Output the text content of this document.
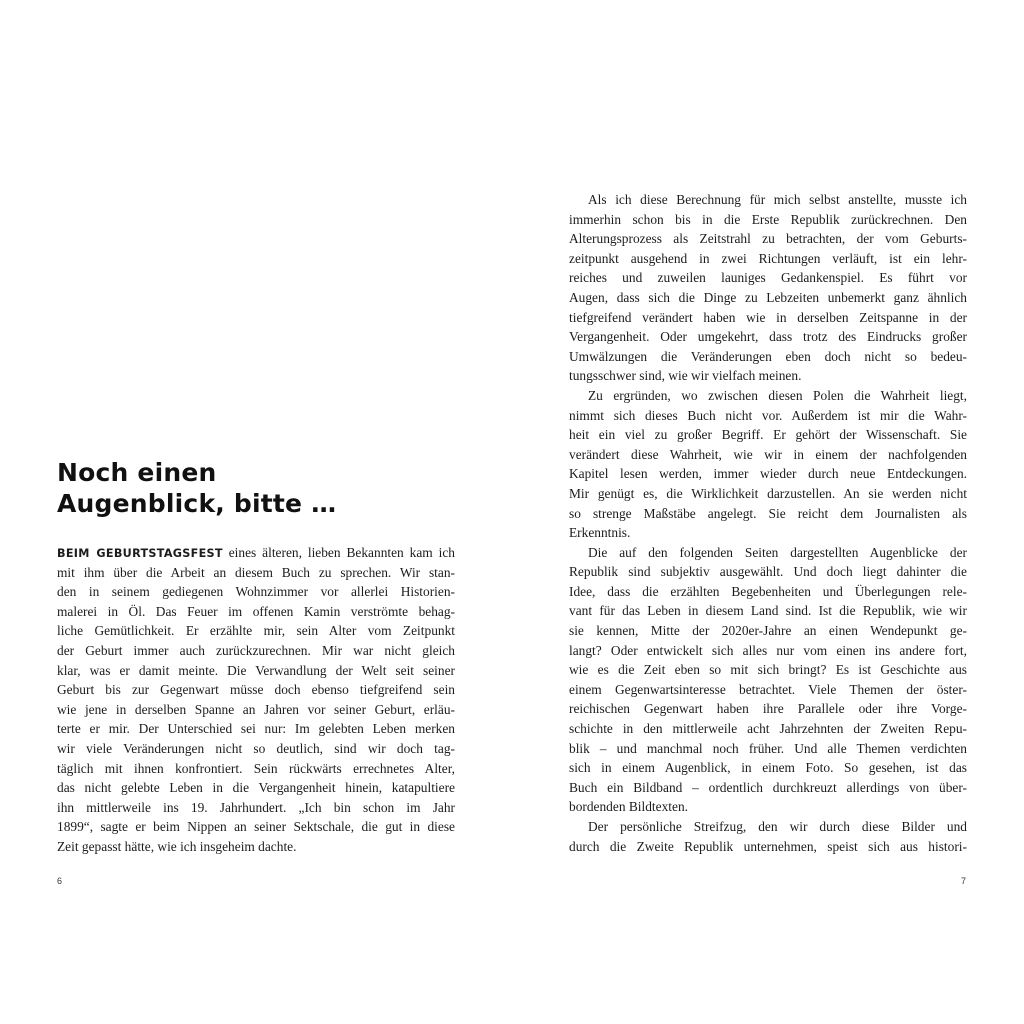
Noch einen
Augenblick, bitte …
BEIM GEBURTSTAGSFEST eines älteren, lieben Bekannten kam ich
mit ihm über die Arbeit an diesem Buch zu sprechen. Wir stan-
den in seinem gediegenen Wohnzimmer vor allerlei Historien-
malerei in Öl. Das Feuer im offenen Kamin verströmte behag-
liche Gemütlichkeit. Er erzählte mir, sein Alter vom Zeitpunkt
der Geburt immer auch zurückzurechnen. Mir war nicht gleich
klar, was er damit meinte. Die Verwandlung der Welt seit seiner
Geburt bis zur Gegenwart müsse doch ebenso tiefgreifend sein
wie jene in derselben Spanne an Jahren vor seiner Geburt, erläu-
terte er mir. Der Unterschied sei nur: Im gelebten Leben merken
wir viele Veränderungen nicht so deutlich, sind wir doch tag-
täglich mit ihnen konfrontiert. Sein rückwärts errechnetes Alter,
das nicht gelebte Leben in die Vergangenheit hinein, katapultiere
ihn mittlerweile ins 19. Jahrhundert. „Ich bin schon im Jahr
1899“, sagte er beim Nippen an seiner Sektschale, die gut in diese
Zeit gepasst hätte, wie ich insgeheim dachte.
6
Als ich diese Berechnung für mich selbst anstellte, musste ich
immerhin schon bis in die Erste Republik zurückrechnen. Den
Alterungsprozess als Zeitstrahl zu betrachten, der vom Geburts-
zeitpunkt ausgehend in zwei Richtungen verläuft, ist ein lehr-
reiches und zuweilen launiges Gedankenspiel. Es führt vor
Augen, dass sich die Dinge zu Lebzeiten unbemerkt ganz ähnlich
tiefgreifend verändert haben wie in derselben Zeitspanne in der
Vergangenheit. Oder umgekehrt, dass trotz des Eindrucks großer
Umwälzungen die Veränderungen eben doch nicht so bedeu-
tungsschwer sind, wie wir vielfach meinen.
Zu ergründen, wo zwischen diesen Polen die Wahrheit liegt,
nimmt sich dieses Buch nicht vor. Außerdem ist mir die Wahr-
heit ein viel zu großer Begriff. Er gehört der Wissenschaft. Sie
verändert diese Wahrheit, wie wir in einem der nachfolgenden
Kapitel lesen werden, immer wieder durch neue Entdeckungen.
Mir genügt es, die Wirklichkeit darzustellen. An sie werden nicht
so strenge Maßstäbe angelegt. Sie reicht dem Journalisten als
Erkenntnis.
Die auf den folgenden Seiten dargestellten Augenblicke der
Republik sind subjektiv ausgewählt. Und doch liegt dahinter die
Idee, dass die erzählten Begebenheiten und Überlegungen rele-
vant für das Leben in diesem Land sind. Ist die Republik, wie wir
sie kennen, Mitte der 2020er-Jahre an einen Wendepunkt ge-
langt? Oder entwickelt sich alles nur vom einen ins andere fort,
wie es die Zeit eben so mit sich bringt? Es ist Geschichte aus
einem Gegenwartsinteresse betrachtet. Viele Themen der öster-
reichischen Gegenwart haben ihre Parallele oder ihre Vorge-
schichte in den mittlerweile acht Jahrzehnten der Zweiten Repu-
blik – und manchmal noch früher. Und alle Themen verdichten
sich in einem Augenblick, in einem Foto. So gesehen, ist das
Buch ein Bildband – ordentlich durchkreuzt allerdings von über-
bordenden Bildtexten.
Der persönliche Streifzug, den wir durch diese Bilder und
durch die Zweite Republik unternehmen, speist sich aus histori-
7
